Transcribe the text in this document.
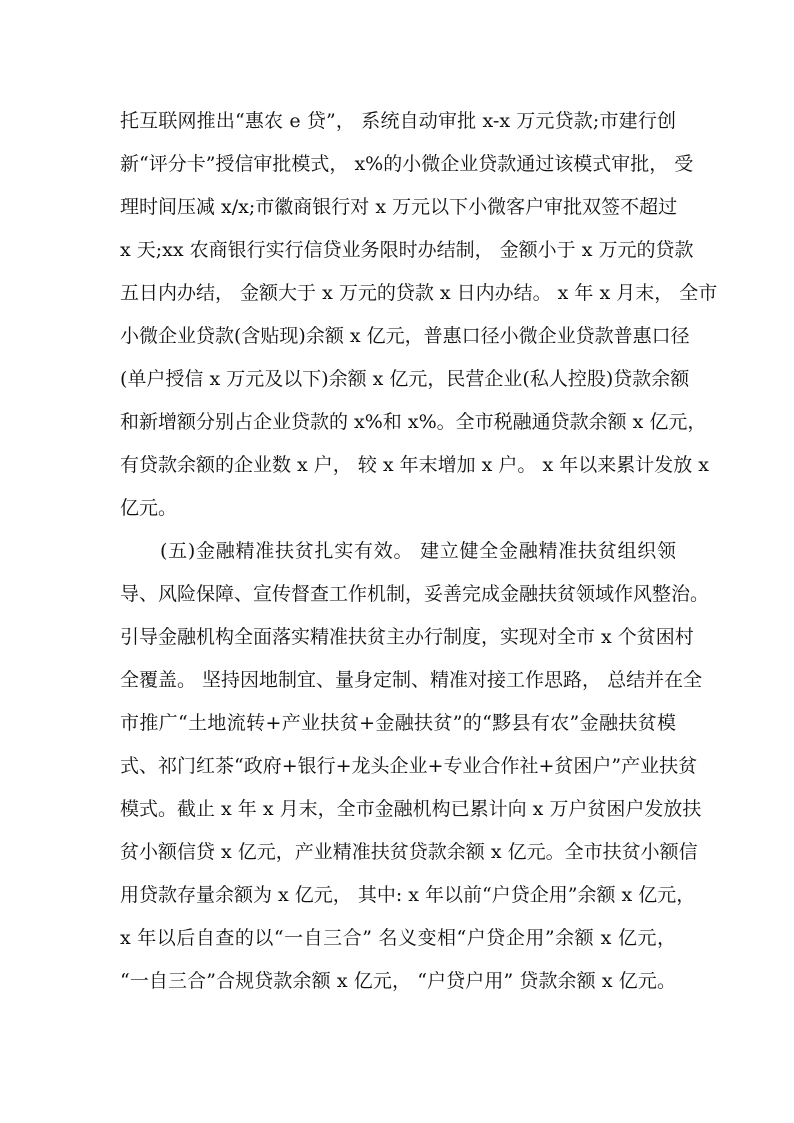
托互联网推出“惠农 e 贷”， 系统自动审批 x-x 万元贷款;市建行创
新“评分卡”授信审批模式， x%的小微企业贷款通过该模式审批， 受
理时间压减 x/x;市徽商银行对 x 万元以下小微客户审批双签不超过
x 天;xx 农商银行实行信贷业务限时办结制， 金额小于 x 万元的贷款
五日内办结， 金额大于 x 万元的贷款 x 日内办结。 x 年 x 月末， 全市
小微企业贷款(含贴现)余额 x 亿元，普惠口径小微企业贷款普惠口径
(单户授信 x 万元及以下)余额 x 亿元，民营企业(私人控股)贷款余额
和新增额分别占企业贷款的 x%和 x%。全市税融通贷款余额 x 亿元，
有贷款余额的企业数 x 户， 较 x 年末增加 x 户。 x 年以来累计发放 x
亿元。
(五)金融精准扶贫扎实有效。 建立健全金融精准扶贫组织领
导、风险保障、宣传督查工作机制，妥善完成金融扶贫领域作风整治。
引导金融机构全面落实精准扶贫主办行制度，实现对全市 x 个贫困村
全覆盖。 坚持因地制宜、量身定制、精准对接工作思路， 总结并在全
市推广“土地流转+产业扶贫+金融扶贫”的“黟县有农”金融扶贫模
式、祁门红茶“政府+银行+龙头企业+专业合作社+贫困户”产业扶贫
模式。截止 x 年 x 月末，全市金融机构已累计向 x 万户贫困户发放扶
贫小额信贷 x 亿元，产业精准扶贫贷款余额 x 亿元。全市扶贫小额信
用贷款存量余额为 x 亿元， 其中: x 年以前“户贷企用”余额 x 亿元，
x 年以后自查的以“一自三合” 名义变相“户贷企用”余额 x 亿元，
“一自三合”合规贷款余额 x 亿元， “户贷户用” 贷款余额 x 亿元。
